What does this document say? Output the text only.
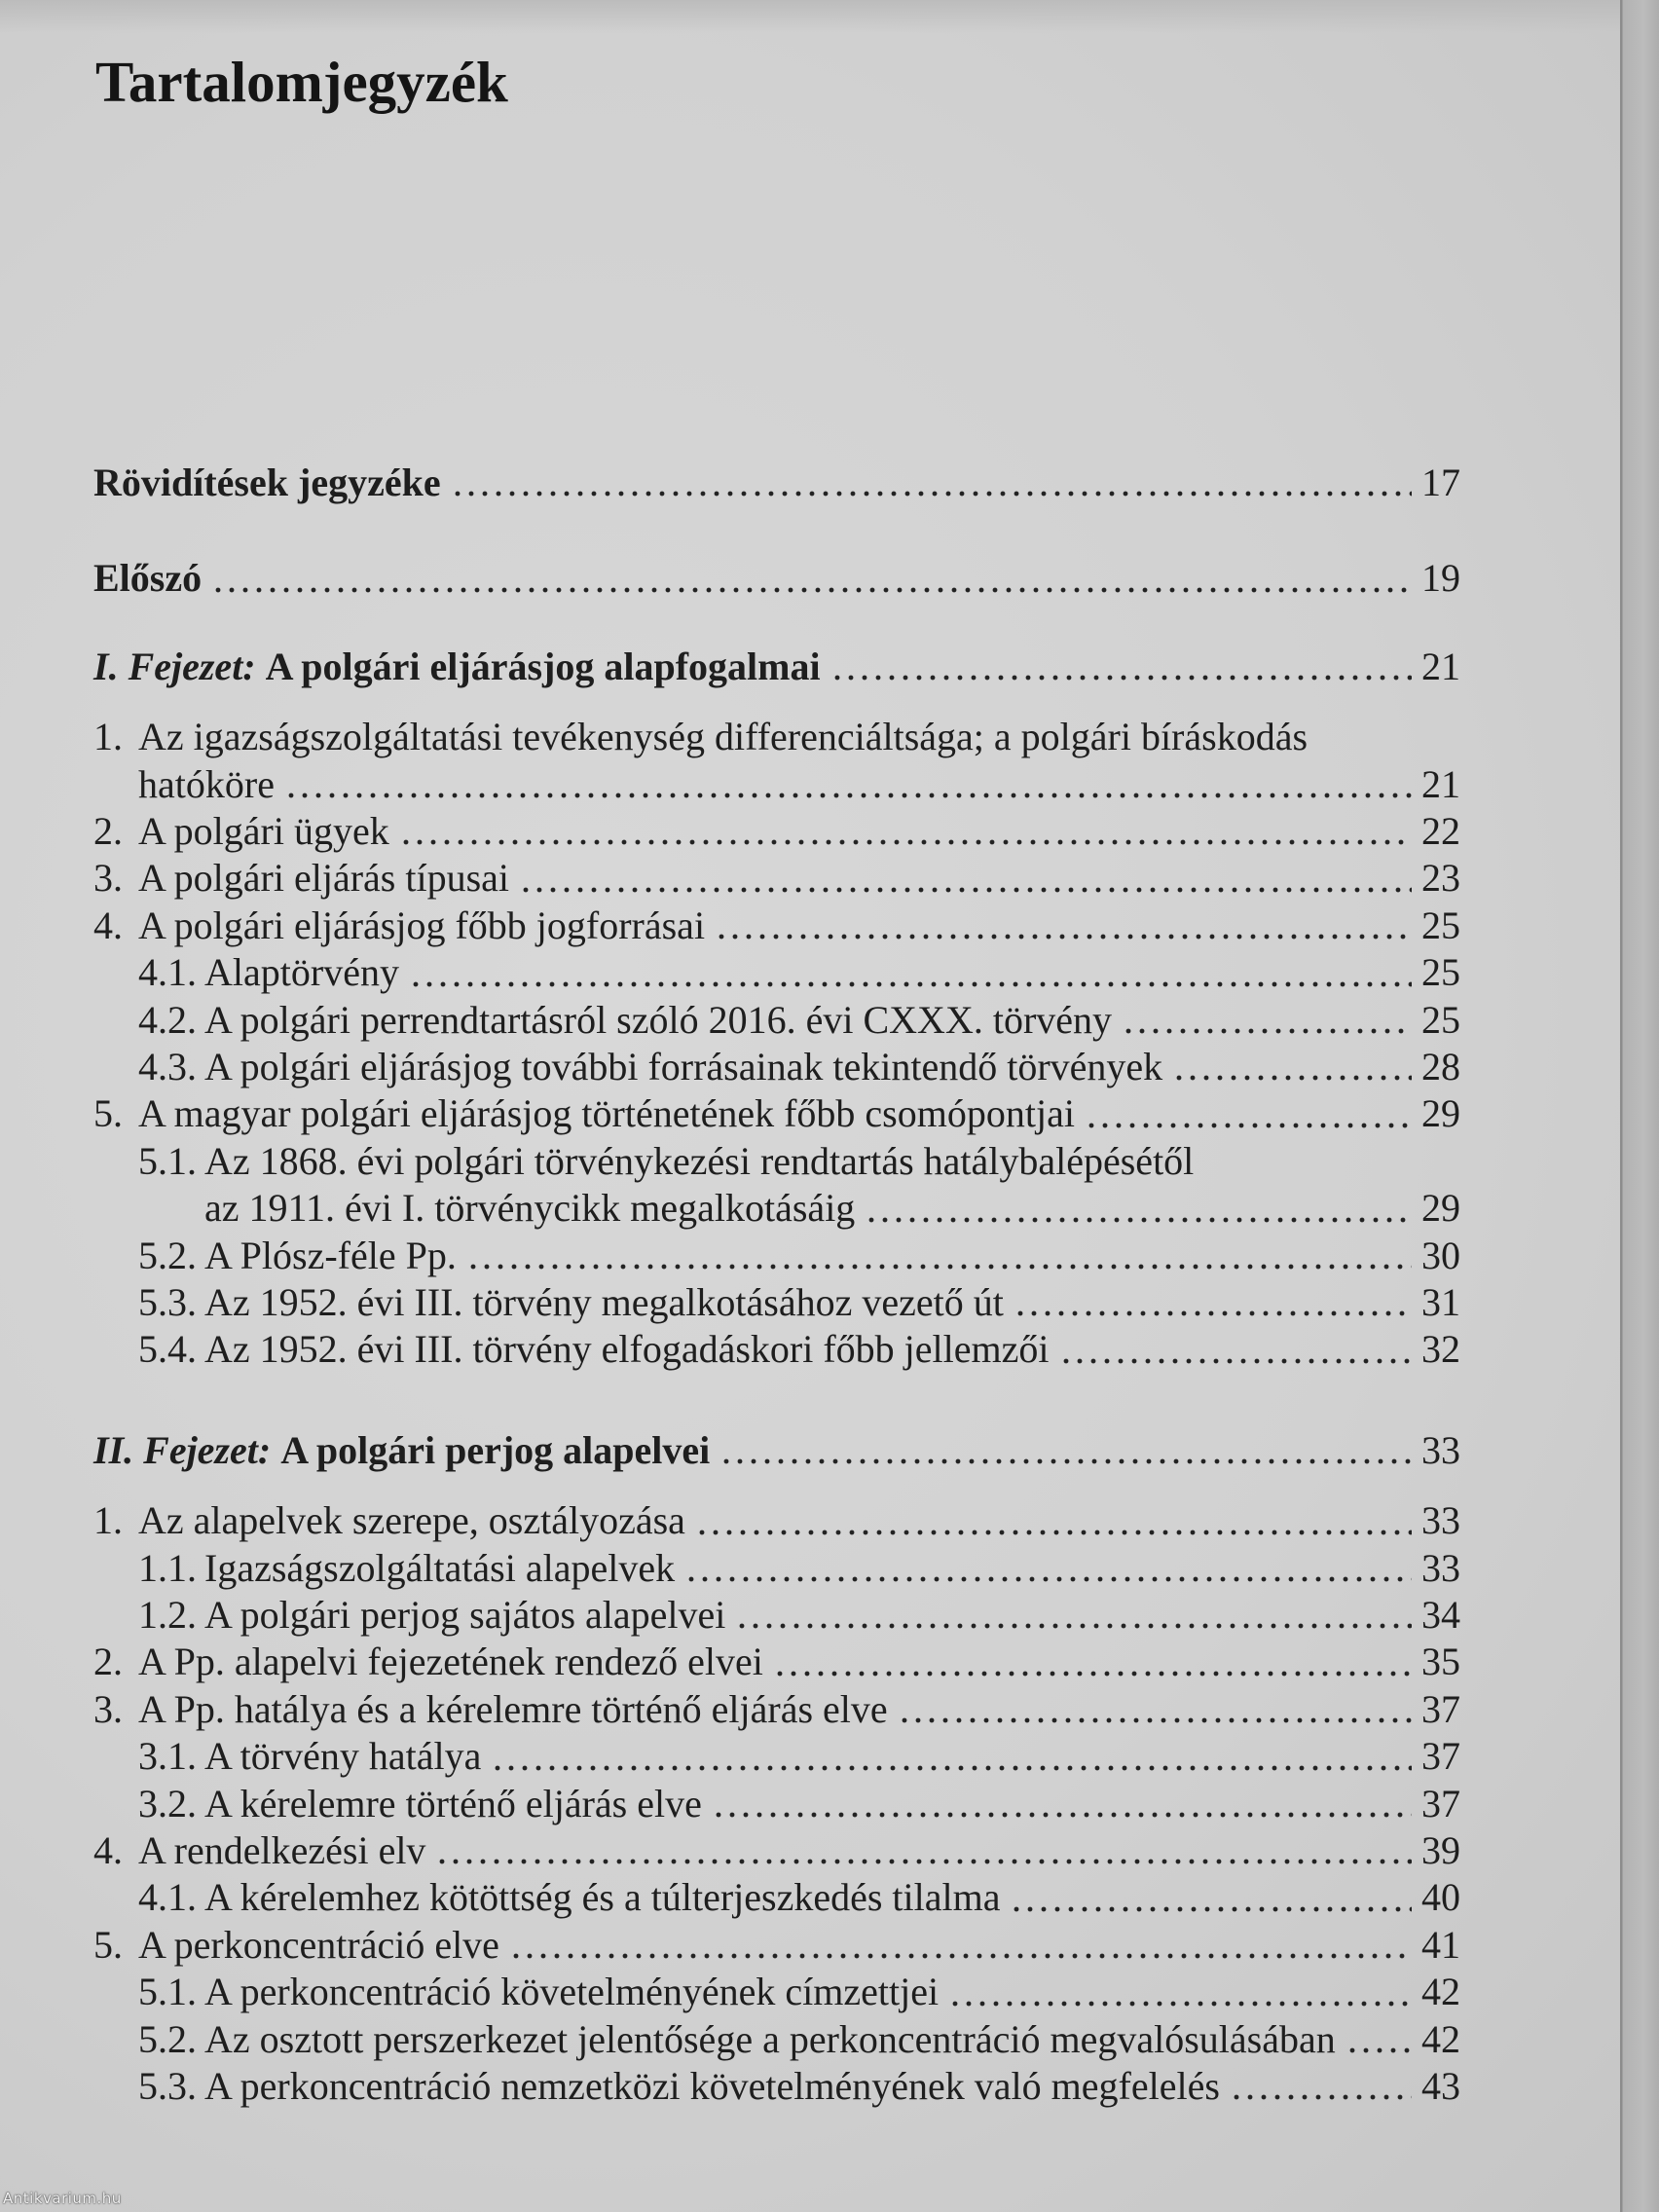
Tartalomjegyzék
Rövidítések jegyzéke	17
Előszó	19
I. Fejezet: A polgári eljárásjog alapfogalmai	21
1. Az igazságszolgáltatási tevékenység differenciáltsága; a polgári bíráskodás
hatóköre	21
2. A polgári ügyek	22
3. A polgári eljárás típusai	23
4. A polgári eljárásjog főbb jogforrásai	25
4.1. Alaptörvény	25
4.2. A polgári perrendtartásról szóló 2016. évi CXXX. törvény	25
4.3. A polgári eljárásjog további forrásainak tekintendő törvények	28
5. A magyar polgári eljárásjog történetének főbb csomópontjai	29
5.1. Az 1868. évi polgári törvénykezési rendtartás hatálybalépésétől
az 1911. évi I. törvénycikk megalkotásáig	29
5.2. A Plósz-féle Pp.	30
5.3. Az 1952. évi III. törvény megalkotásához vezető út	31
5.4. Az 1952. évi III. törvény elfogadáskori főbb jellemzői	32
II. Fejezet: A polgári perjog alapelvei	33
1. Az alapelvek szerepe, osztályozása	33
1.1. Igazságszolgáltatási alapelvek	33
1.2. A polgári perjog sajátos alapelvei	34
2. A Pp. alapelvi fejezetének rendező elvei	35
3. A Pp. hatálya és a kérelemre történő eljárás elve	37
3.1. A törvény hatálya	37
3.2. A kérelemre történő eljárás elve	37
4. A rendelkezési elv	39
4.1. A kérelemhez kötöttség és a túlterjeszkedés tilalma	40
5. A perkoncentráció elve	41
5.1. A perkoncentráció követelményének címzettjei	42
5.2. Az osztott perszerkezet jelentősége a perkoncentráció megvalósulásában 42
5.3. A perkoncentráció nemzetközi követelményének való megfelelés	43
Antikvarium.hu
